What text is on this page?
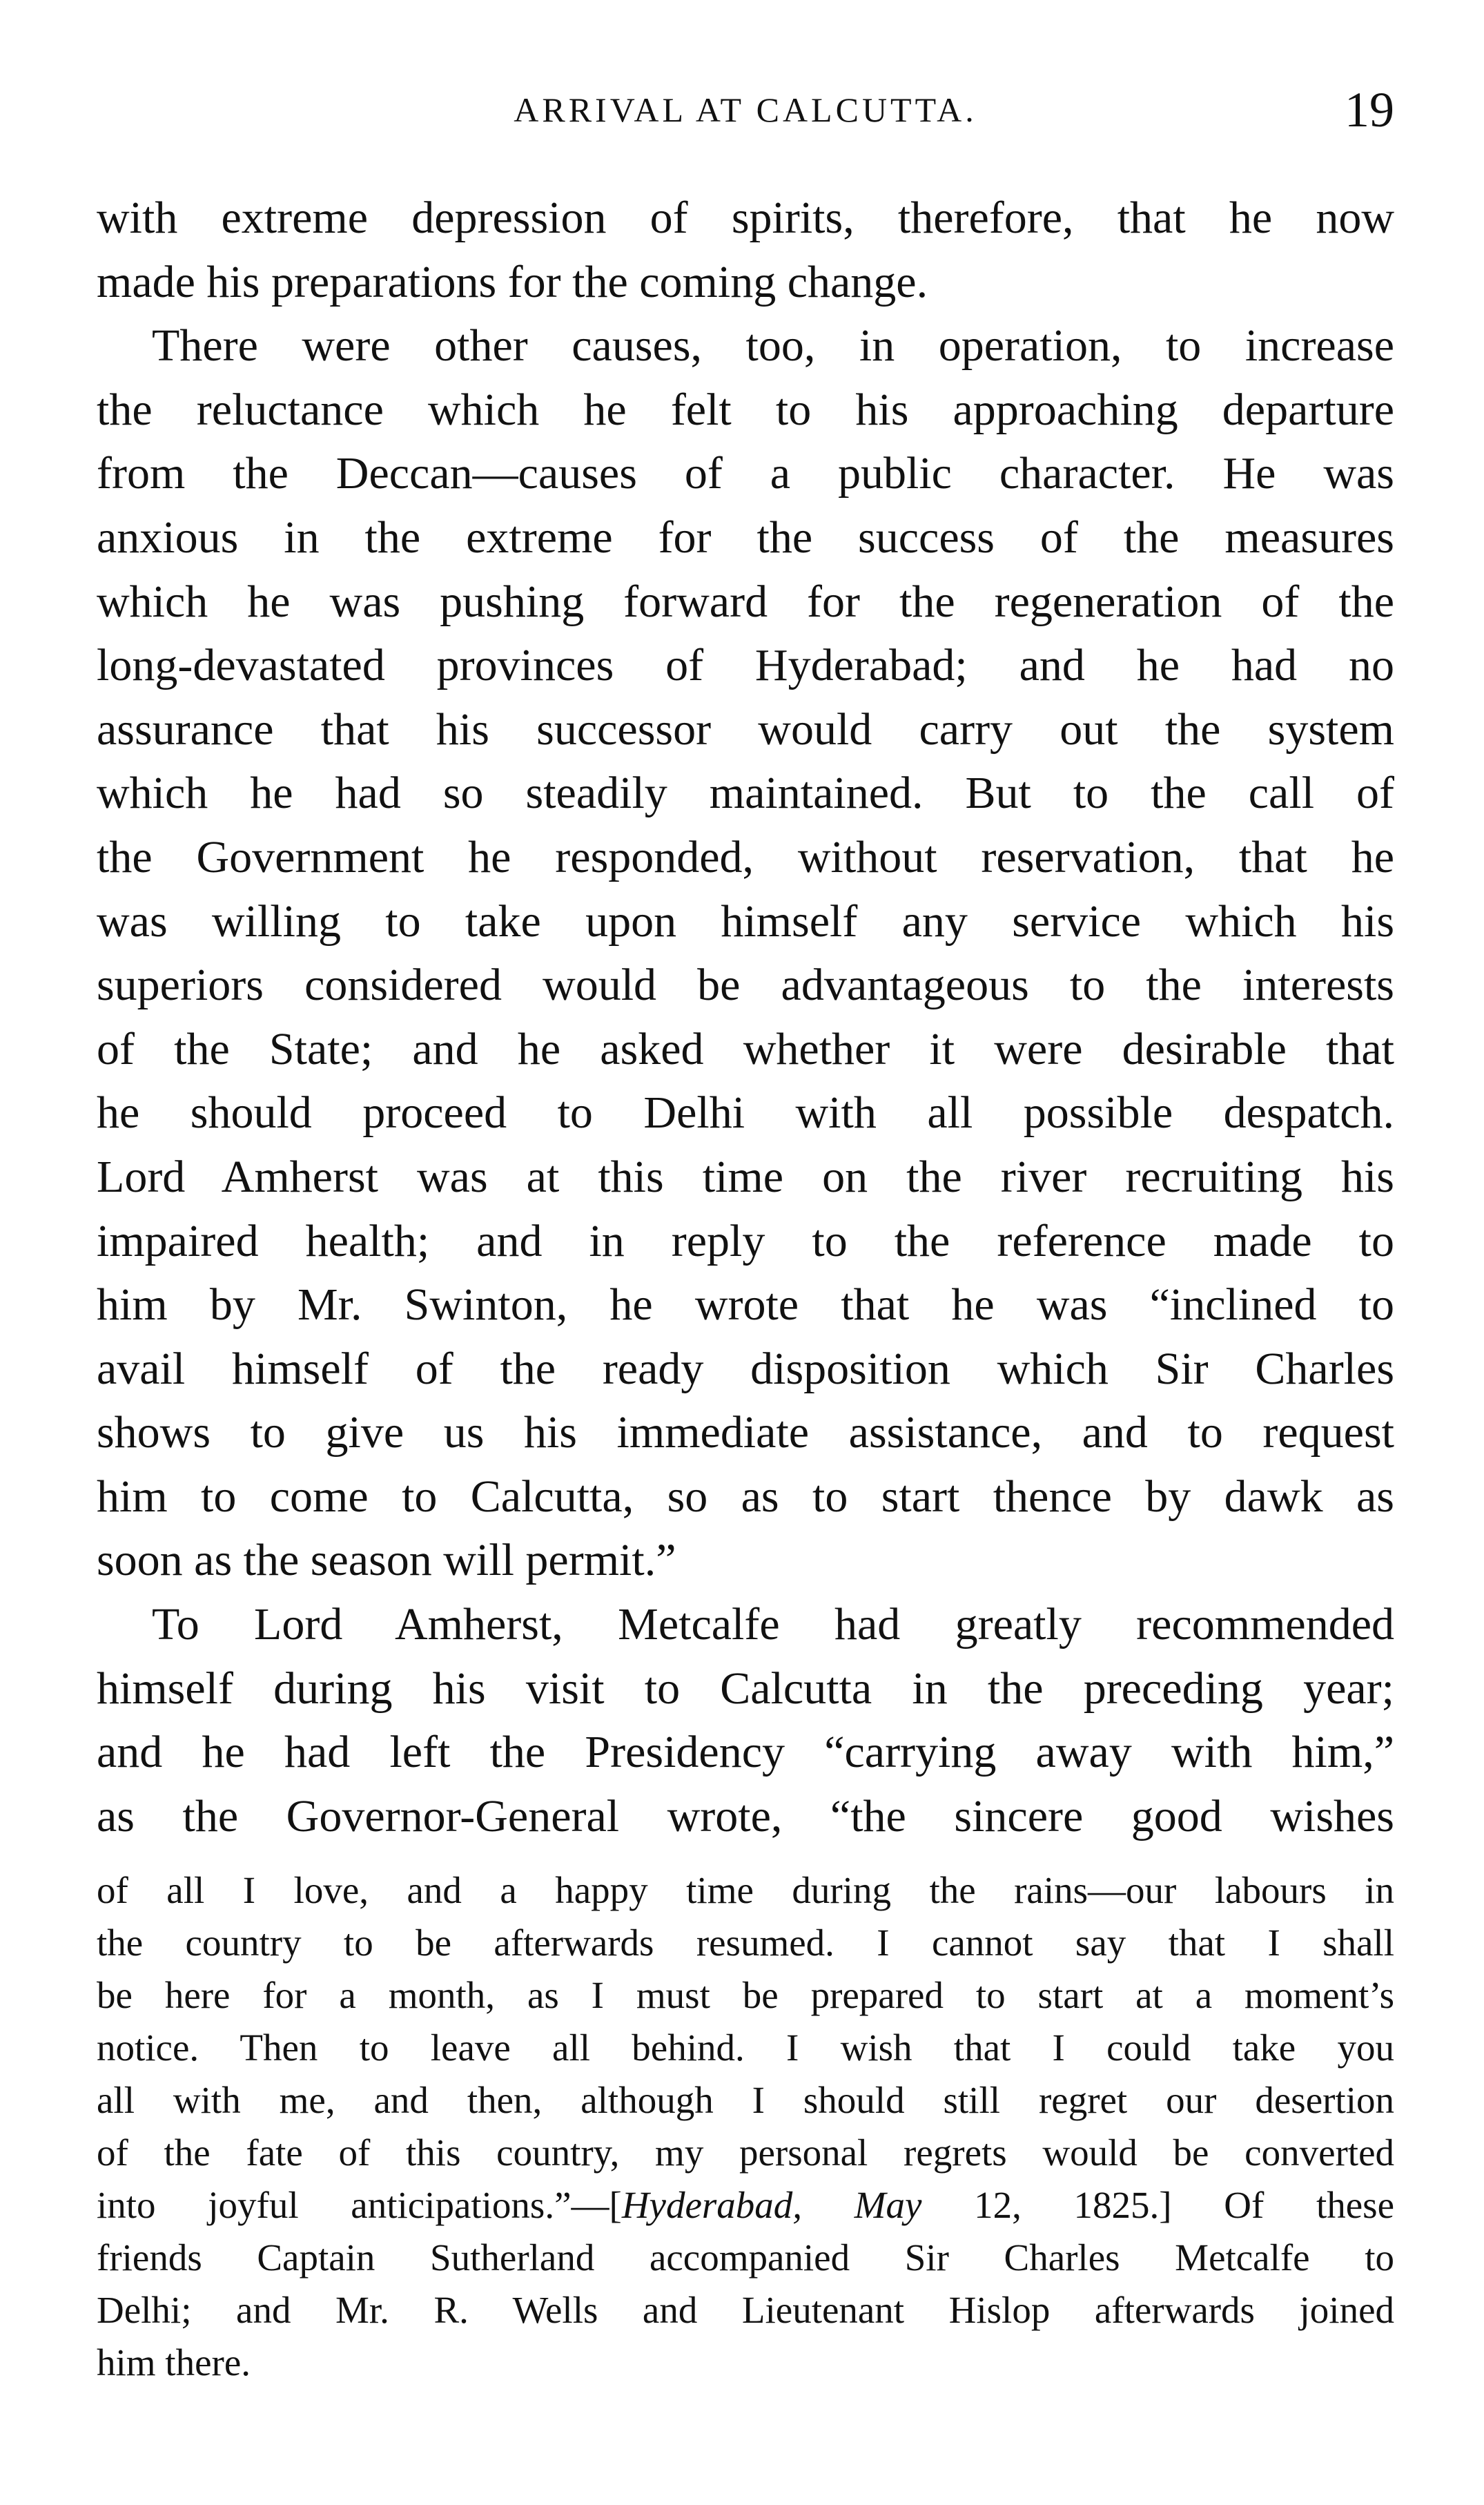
ARRIVAL AT CALCUTTA.	19
with extreme depression of spirits, therefore, that he now
made his preparations for the coming change.
There were other causes, too, in operation, to increase
the reluctance which he felt to his approaching departure
from the Deccan—causes of a public character. He was
anxious in the extreme for the success of the measures
which he was pushing forward for the regeneration of the
long-devastated provinces of Hyderabad; and he had no
assurance that his successor would carry out the system
which he had so steadily maintained. But to the call of
the Government he responded, without reservation, that he
was willing to take upon himself any service which his
superiors considered would be advantageous to the interests
of the State; and he asked whether it were desirable that
he should proceed to Delhi with all possible despatch.
Lord Amherst was at this time on the river recruiting his
impaired health; and in reply to the reference made to
him by Mr. Swinton, he wrote that he was “inclined to
avail himself of the ready disposition which Sir Charles
shows to give us his immediate assistance, and to request
him to come to Calcutta, so as to start thence by dawk as
soon as the season will permit.”
To Lord Amherst, Metcalfe had greatly recommended
himself during his visit to Calcutta in the preceding year;
and he had left the Presidency “carrying away with him,”
as the Governor-General wrote, “the sincere good wishes
of all I love, and a happy time during the rains—our labours in
the country to be afterwards resumed. I cannot say that I shall
be here for a month, as I must be prepared to start at a moment’s
notice. Then to leave all behind. I wish that I could take you
all with me, and then, although I should still regret our desertion
of the fate of this country, my personal regrets would be converted
into joyful anticipations.”—[Hyderabad, May 12, 1825.] Of these
friends Captain Sutherland accompanied Sir Charles Metcalfe to
Delhi; and Mr. R. Wells and Lieutenant Hislop afterwards joined
him there.
